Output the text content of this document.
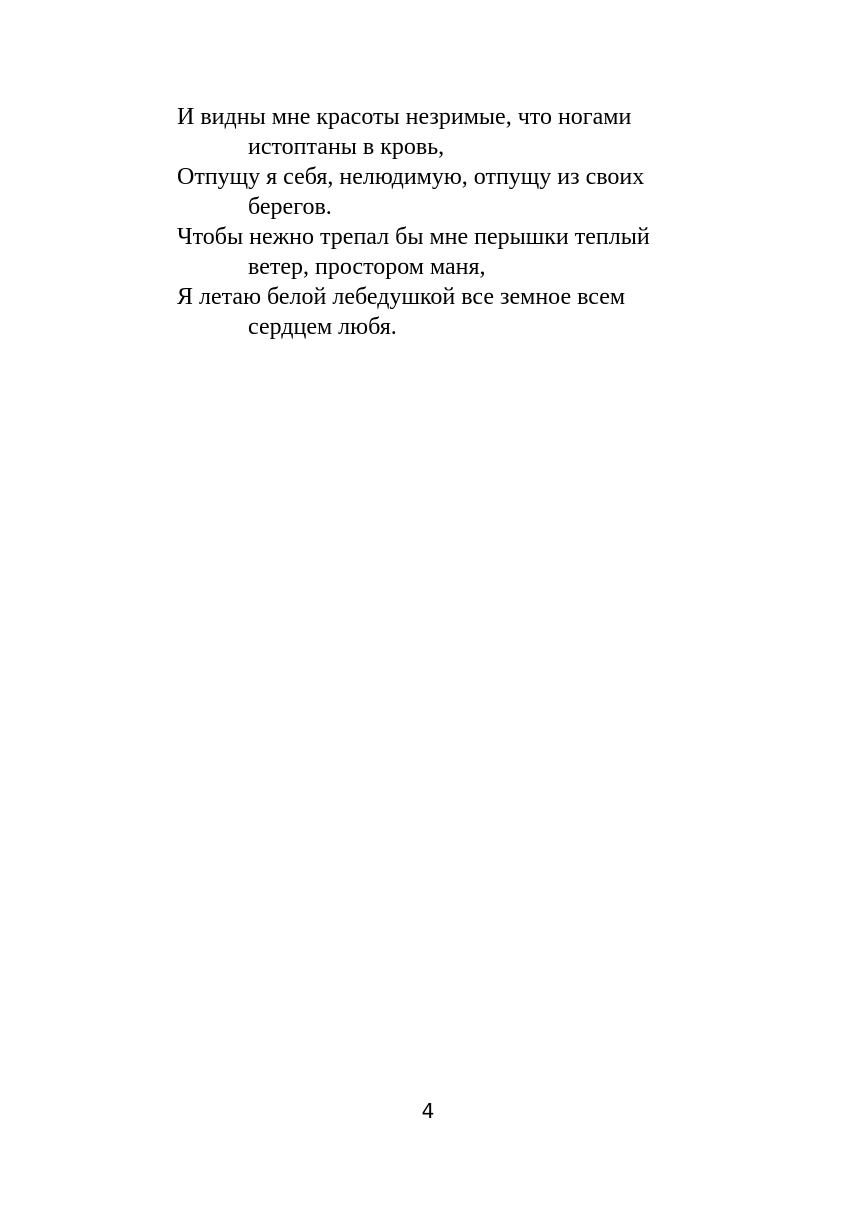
И видны мне красоты незримые, что ногами

истоптаны в кровь,

Отпущу я себя, нелюдимую, отпущу из своих

берегов.

Чтобы нежно трепал бы мне перышки теплый

ветер, простором маня,

Я летаю белой лебедушкой все земное всем

сердцем любя.

4
